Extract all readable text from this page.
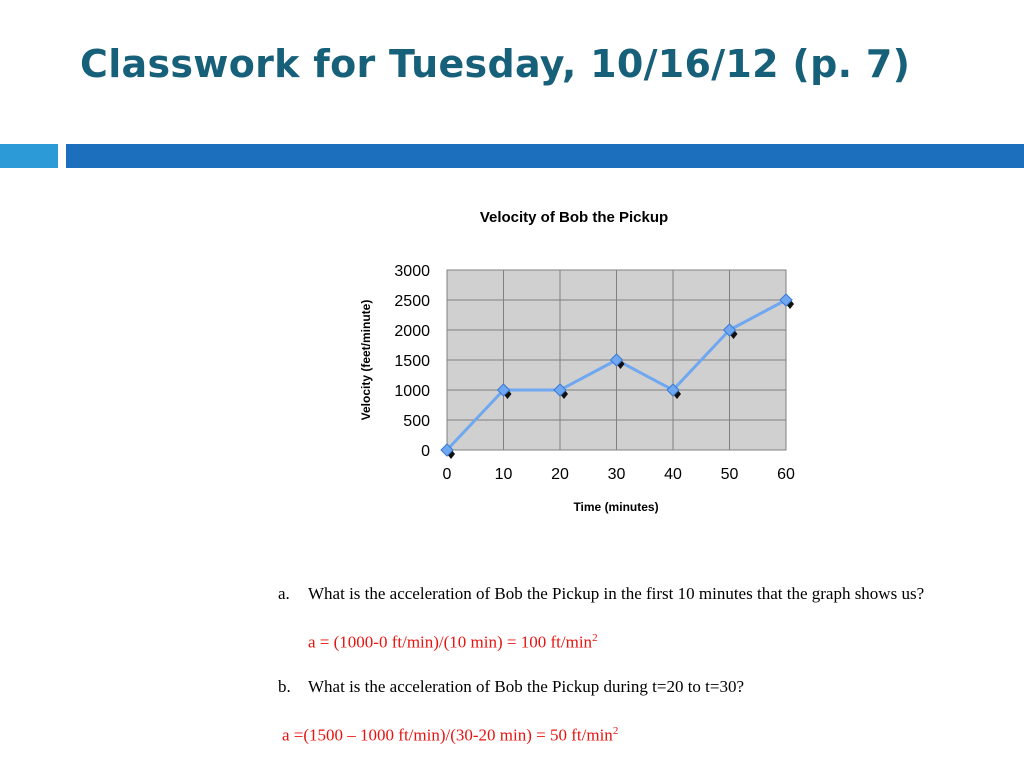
Classwork for Tuesday, 10/16/12 (p. 7)
Velocity of Bob the Pickup
0
500
1000
1500
2000
2500
3000
0	10 20 30 40 50 60
Time (minutes)
Velocity (feet/minute)
a.	What is the acceleration of Bob the Pickup in the first 10 minutes that the graph shows us?
a = (1000-0 ft/min)/(10 min) = 100 $ft/\min^2$
b.	What is the acceleration of Bob the Pickup during t=20 to t=30?
a =(1500 – 1000 ft/min)/(30-20 min) = 50 $ft/\min^2$
